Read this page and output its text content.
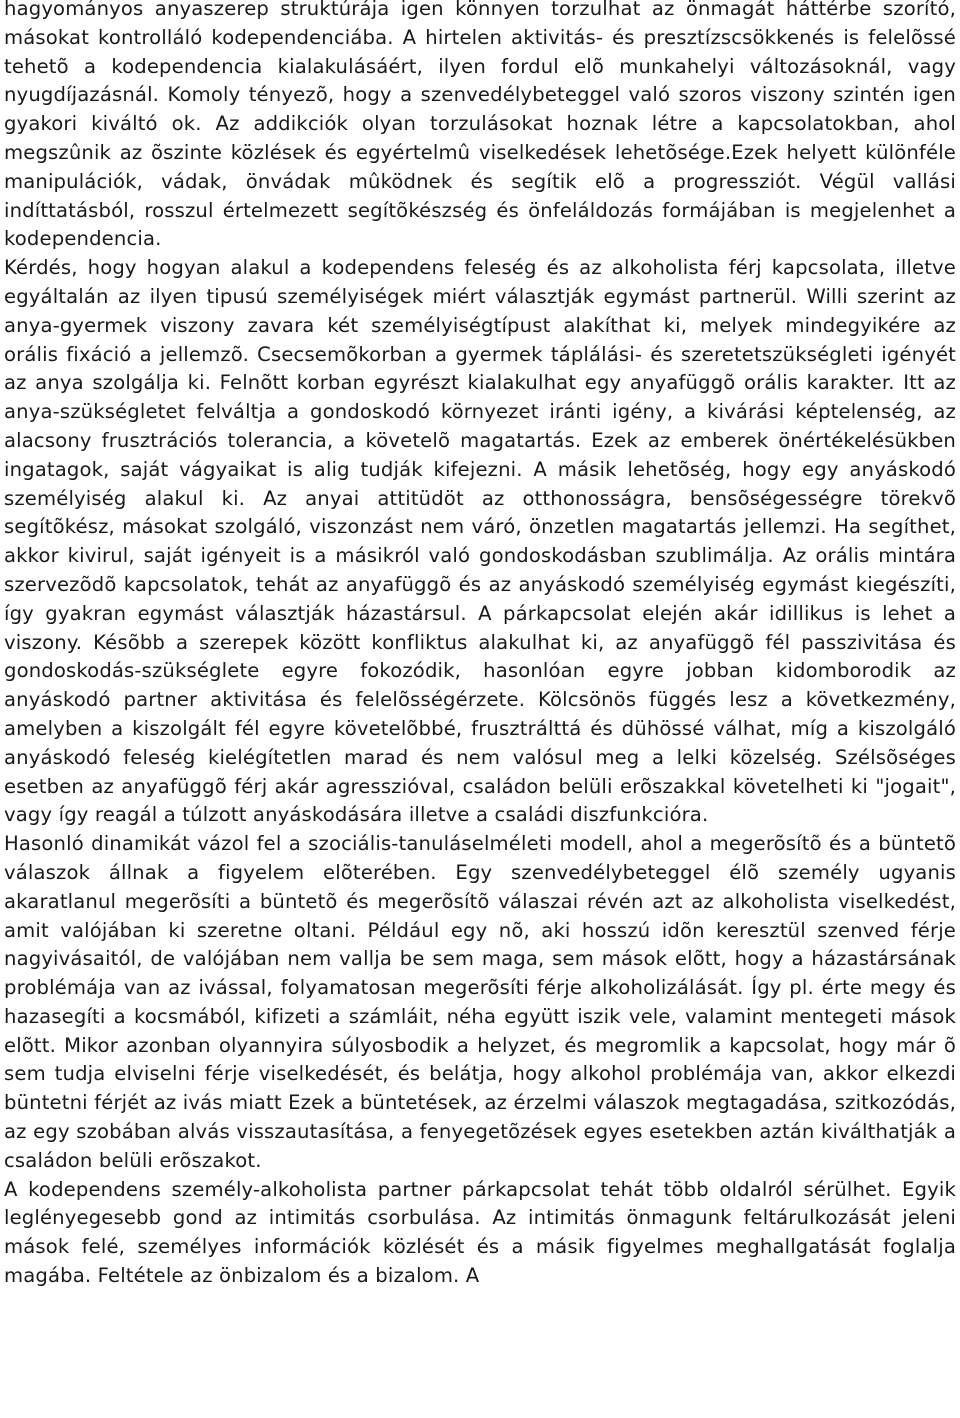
hagyományos anyaszerep struktúrája igen könnyen torzulhat az önmagát háttérbe szorító, másokat kontrolláló kodependenciába. A hirtelen aktivitás- és presztízscsökkenés is felelõssé tehetõ a kodependencia kialakulásáért, ilyen fordul elõ munkahelyi változásoknál, vagy nyugdíjazásnál. Komoly tényezõ, hogy a szenvedélybeteggel való szoros viszony szintén igen gyakori kiváltó ok. Az addikciók olyan torzulásokat hoznak létre a kapcsolatokban, ahol megszûnik az õszinte közlések és egyértelmû viselkedések lehetõsége.Ezek helyett különféle manipulációk, vádak, önvádak mûködnek és segítik elõ a progressziót. Végül vallási indíttatásból, rosszul értelmezett segítõkészség és önfeláldozás formájában is megjelenhet a kodependencia.

Kérdés, hogy hogyan alakul a kodependens feleség és az alkoholista férj kapcsolata, illetve egyáltalán az ilyen tipusú személyiségek miért választják egymást partnerül. Willi szerint az anya-gyermek viszony zavara két személyiségtípust alakíthat ki, melyek mindegyikére az orális fixáció a jellemzõ. Csecsemõkorban a gyermek táplálási- és szeretetszükségleti igényét az anya szolgálja ki. Felnõtt korban egyrészt kialakulhat egy anyafüggõ orális karakter. Itt az anya-szükségletet felváltja a gondoskodó környezet iránti igény, a kivárási képtelenség, az alacsony frusztrációs tolerancia, a követelõ magatartás. Ezek az emberek önértékelésükben ingatagok, saját vágyaikat is alig tudják kifejezni. A másik lehetõség, hogy egy anyáskodó személyiség alakul ki. Az anyai attitüdöt az otthonosságra, bensõségességre törekvõ segítõkész, másokat szolgáló, viszonzást nem váró, önzetlen magatartás jellemzi. Ha segíthet, akkor kivirul, saját igényeit is a másikról való gondoskodásban szublimálja. Az orális mintára szervezõdõ kapcsolatok, tehát az anyafüggõ és az anyáskodó személyiség egymást kiegészíti, így gyakran egymást választják házastársul. A párkapcsolat elején akár idillikus is lehet a viszony. Késõbb a szerepek között konfliktus alakulhat ki, az anyafüggõ fél passzivitása és gondoskodás-szükséglete egyre fokozódik, hasonlóan egyre jobban kidomborodik az anyáskodó partner aktivitása és felelõsségérzete. Kölcsönös függés lesz a következmény, amelyben a kiszolgált fél egyre követelõbbé, frusztrálttá és dühössé válhat, míg a kiszolgáló anyáskodó feleség kielégítetlen marad és nem valósul meg a lelki közelség. Szélsõséges esetben az anyafüggõ férj akár agresszióval, családon belüli erõszakkal követelheti ki "jogait", vagy így reagál a túlzott anyáskodására illetve a családi diszfunkcióra.

Hasonló dinamikát vázol fel a szociális-tanuláselméleti modell, ahol a megerõsítõ és a büntetõ válaszok állnak a figyelem elõterében. Egy szenvedélybeteggel élõ személy ugyanis akaratlanul megerõsíti a büntetõ és megerõsítõ válaszai révén azt az alkoholista viselkedést, amit valójában ki szeretne oltani. Például egy nõ, aki hosszú idõn keresztül szenved férje nagyivásaitól, de valójában nem vallja be sem maga, sem mások elõtt, hogy a házastársának problémája van az ivással, folyamatosan megerõsíti férje alkoholizálását. Így pl. érte megy és hazasegíti a kocsmából, kifizeti a számláit, néha együtt iszik vele, valamint mentegeti mások elõtt. Mikor azonban olyannyira súlyosbodik a helyzet, és megromlik a kapcsolat, hogy már õ sem tudja elviselni férje viselkedését, és belátja, hogy alkohol problémája van, akkor elkezdi büntetni férjét az ivás miatt Ezek a büntetések, az érzelmi válaszok megtagadása, szitkozódás, az egy szobában alvás visszautasítása, a fenyegetõzések egyes esetekben aztán kiválthatják a családon belüli erõszakot.

A kodependens személy-alkoholista partner párkapcsolat tehát több oldalról sérülhet. Egyik leglényegesebb gond az intimitás csorbulása. Az intimitás önmagunk feltárulkozását jeleni mások felé, személyes információk közlését és a másik figyelmes meghallgatását foglalja magába. Feltétele az önbizalom és a bizalom. A
